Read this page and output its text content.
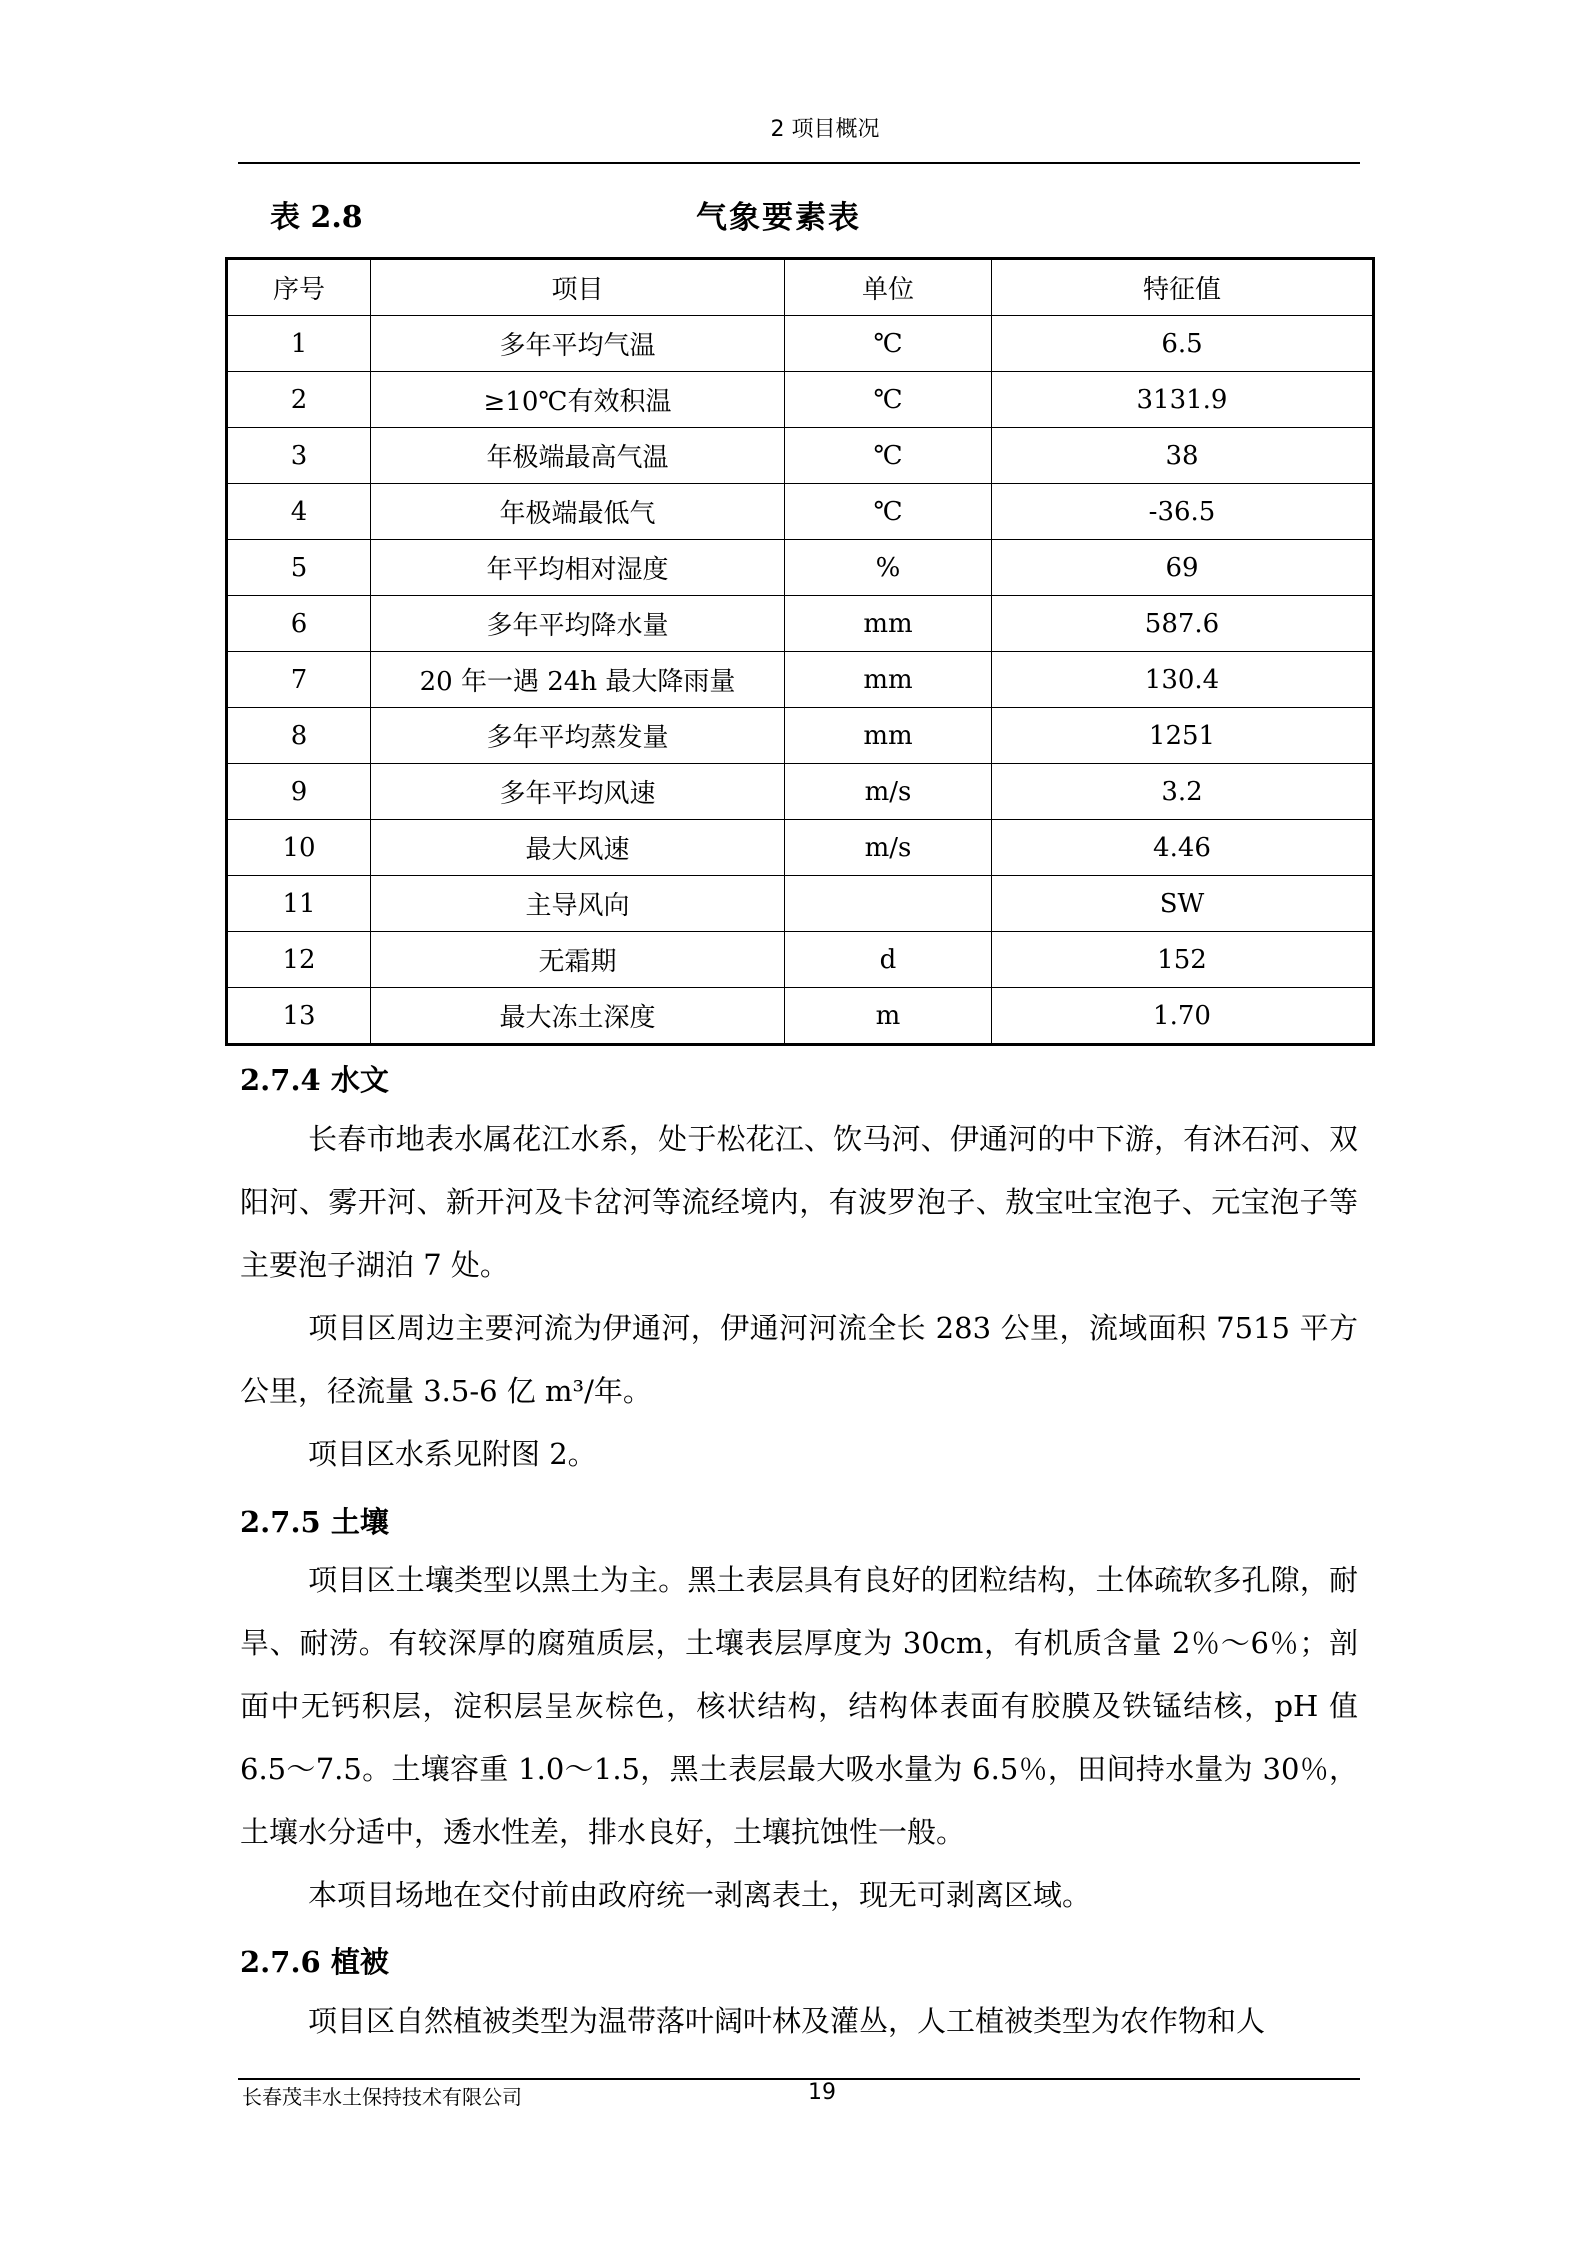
2 项目概况
表 2.8	气象要素表
序号	项目	单位	特征值
1	多年平均气温	℃	6.5
2	≥10℃有效积温	℃	3131.9
3	年极端最高气温	℃	38
4	年极端最低气	℃	-36.5
5	年平均相对湿度	%	69
6	多年平均降水量	mm	587.6
7	20 年一遇 24h 最大降雨量	mm	130.4
8	多年平均蒸发量	mm	1251
9	多年平均风速	m/s	3.2
10	最大风速	m/s	4.46
11	主导风向		SW
12	无霜期	d	152
13	最大冻土深度	m	1.70
2.7.4 水文
长春市地表水属花江水系，处于松花江、饮马河、伊通河的中下游，有沐石河、双阳河、雾开河、新开河及卡岔河等流经境内，有波罗泡子、敖宝吐宝泡子、元宝泡子等主要泡子湖泊 7 处。
项目区周边主要河流为伊通河，伊通河河流全长 283 公里，流域面积 7515 平方公里，径流量 3.5-6 亿 m³/年。
项目区水系见附图 2。
2.7.5 土壤
项目区土壤类型以黑土为主。黑土表层具有良好的团粒结构，土体疏软多孔隙，耐旱、耐涝。有较深厚的腐殖质层，土壤表层厚度为 30cm，有机质含量 2％～6％；剖面中无钙积层，淀积层呈灰棕色，核状结构，结构体表面有胶膜及铁锰结核，pH 值 6.5～7.5。土壤容重 1.0～1.5，黑土表层最大吸水量为 6.5％，田间持水量为 30％，土壤水分适中，透水性差，排水良好，土壤抗蚀性一般。
本项目场地在交付前由政府统一剥离表土，现无可剥离区域。
2.7.6 植被
项目区自然植被类型为温带落叶阔叶林及灌丛，人工植被类型为农作物和人
长春茂丰水土保持技术有限公司	19
